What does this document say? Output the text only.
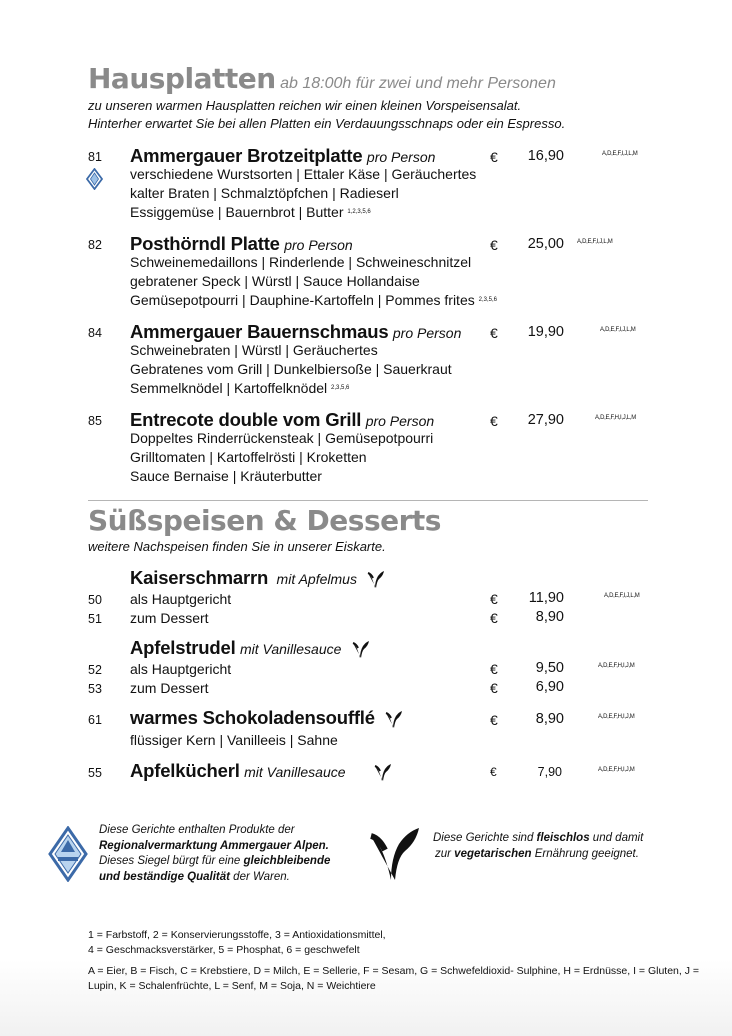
Hausplatten ab 18:00h für zwei und mehr Personen
zu unseren warmen Hausplatten reichen wir einen kleinen Vorspeisensalat.
Hinterher erwartet Sie bei allen Platten ein Verdauungsschnaps oder ein Espresso.
81 Ammergauer Brotzeitplatte pro Person	€	16,90	A,D,E,F,I,J,L,M
verschiedene Wurstsorten | Ettaler Käse | Geräuchertes
kalter Braten | Schmalztöpfchen | Radieserl
Essiggemüse | Bauernbrot | Butter $^{1,2,3,5,6}$
82 Posthörndl Platte pro Person	€	25,00 A,D,E,F,I,J,L,M
Schweinemedaillons | Rinderlende | Schweineschnitzel
gebratener Speck | Würstl | Sauce Hollandaise
Gemüsepotpourri | Dauphine-Kartoffeln | Pommes frites $^{2,3,5,6}$
84 Ammergauer Bauernschmaus pro Person €	19,90	A,D,E,F,I,J,L,M
Schweinebraten | Würstl | Geräuchertes
Gebratenes vom Grill | Dunkelbiersoße | Sauerkraut
Semmelknödel | Kartoffelknödel $^{2,3,5,6}$
85 Entrecote double vom Grill pro Person	€	27,90	A,D,E,F,H,I,J,L,M
Doppeltes Rinderrückensteak | Gemüsepotpourri
Grilltomaten | Kartoffelrösti | Kroketten
Sauce Bernaise | Kräuterbutter
Süßspeisen & Desserts
weitere Nachspeisen finden Sie in unserer Eiskarte.
Kaiserschmarrn mit Apfelmus
50 als Hauptgericht	€	11,90	A,D,E,F,I,J,L,M
51 zum Dessert	€	8,90
Apfelstrudel mit Vanillesauce
52 als Hauptgericht	€	9,50	A,D,E,F,H,I,J,M
53 zum Dessert	€	6,90
61 warmes Schokoladensoufflé	€	8,90	A,D,E,F,H,I,J,M
flüssiger Kern | Vanilleeis | Sahne
55 Apfelkücherl mit Vanillesauce	€	7,90	A,D,E,F,H,I,J,M
Diese Gerichte enthalten Produkte der
Regionalvermarktung Ammergauer Alpen.
Dieses Siegel bürgt für eine gleichbleibende
und beständige Qualität der Waren.
Diese Gerichte sind fleischlos und damit
zur vegetarischen Ernährung geeignet.
1 = Farbstoff, 2 = Konservierungsstoffe, 3 = Antioxidationsmittel,
4 = Geschmacksverstärker, 5 = Phosphat, 6 = geschwefelt
A = Eier, B = Fisch, C = Krebstiere, D = Milch, E = Sellerie, F = Sesam, G = Schwefeldioxid- Sulphine, H = Erdnüsse, I = Gluten, J =
Lupin, K = Schalenfrüchte, L = Senf, M = Soja, N = Weichtiere
